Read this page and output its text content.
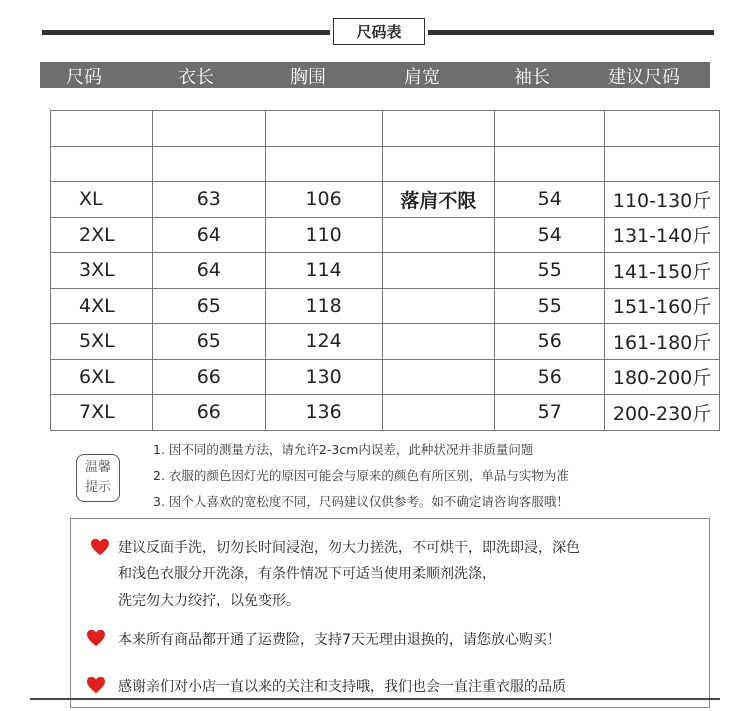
尺码表
尺码	衣长	胸围	肩宽	袖长	建议尺码

XL	63	106	落肩不限	54	110-130斤
2XL	64	110		54	131-140斤
3XL	64	114		55	141-150斤
4XL	65	118		55	151-160斤
5XL	65	124		56	161-180斤
6XL	66	130		56	180-200斤
7XL	66	136		57	200-230斤
温馨
提示
1. 因不同的测量方法，请允许2-3cm内误差，此种状况并非质量问题
2. 衣服的颜色因灯光的原因可能会与原来的颜色有所区别，单品与实物为准
3. 因个人喜欢的宽松度不同，尺码建议仅供参考。如不确定请咨询客服哦！
建议反面手洗，切勿长时间浸泡，勿大力搓洗，不可烘干，即洗即浸，深色
和浅色衣服分开洗涤，有条件情况下可适当使用柔顺剂洗涤，
洗完勿大力绞拧，以免变形。
本来所有商品都开通了运费险，支持7天无理由退换的，请您放心购买！
感谢亲们对小店一直以来的关注和支持哦，我们也会一直注重衣服的品质
